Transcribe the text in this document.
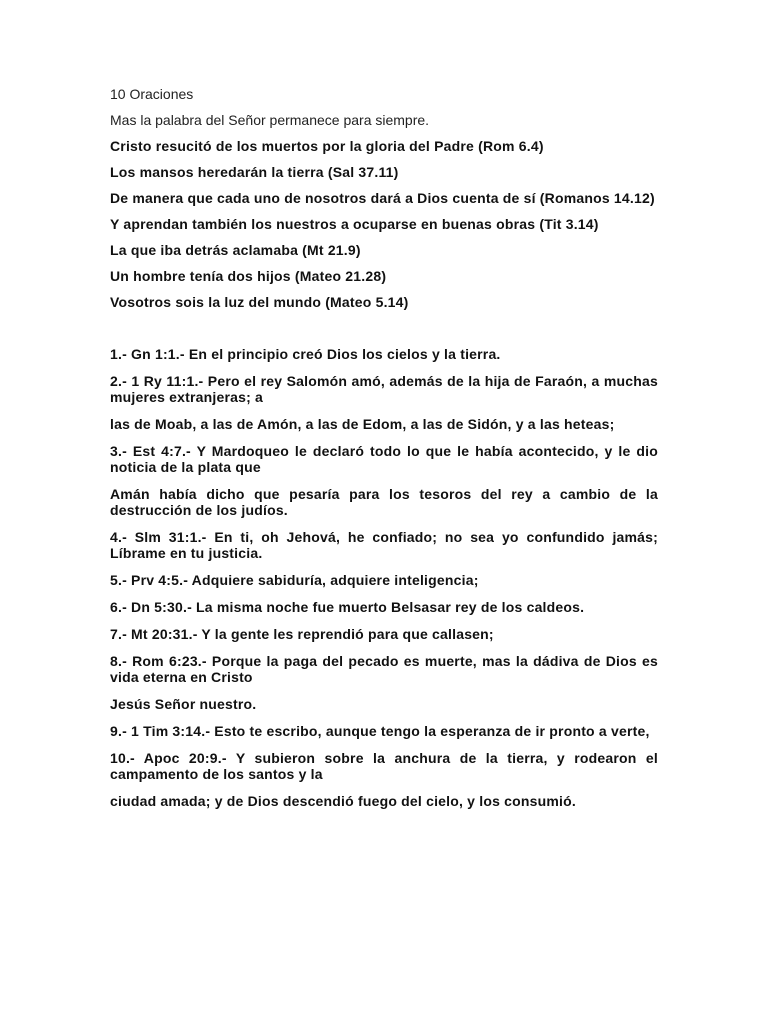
10 Oraciones

Mas la palabra del Señor permanece para siempre.

Cristo resucitó de los muertos por la gloria del Padre (Rom 6.4)

Los mansos heredarán la tierra (Sal 37.11)

De manera que cada uno de nosotros dará a Dios cuenta de sí (Romanos 14.12)

Y aprendan también los nuestros a ocuparse en buenas obras (Tit 3.14)

La que iba detrás aclamaba (Mt 21.9)

Un hombre tenía dos hijos (Mateo 21.28)

Vosotros sois la luz del mundo (Mateo 5.14)

1.- Gn 1:1.- En el principio creó Dios los cielos y la tierra.

2.- 1 Ry 11:1.- Pero el rey Salomón amó, además de la hija de Faraón, a muchas mujeres extranjeras; a

las de Moab, a las de Amón, a las de Edom, a las de Sidón, y a las heteas;

3.- Est 4:7.- Y Mardoqueo le declaró todo lo que le había acontecido, y le dio noticia de la plata que

Amán había dicho que pesaría para los tesoros del rey a cambio de la destrucción de los judíos.

4.- Slm 31:1.- En ti, oh Jehová, he confiado; no sea yo confundido jamás; Líbrame en tu justicia.

5.- Prv 4:5.- Adquiere sabiduría, adquiere inteligencia;

6.- Dn 5:30.- La misma noche fue muerto Belsasar rey de los caldeos.

7.- Mt 20:31.- Y la gente les reprendió para que callasen;

8.- Rom 6:23.- Porque la paga del pecado es muerte, mas la dádiva de Dios es vida eterna en Cristo

Jesús Señor nuestro.

9.- 1 Tim 3:14.- Esto te escribo, aunque tengo la esperanza de ir pronto a verte,

10.- Apoc 20:9.- Y subieron sobre la anchura de la tierra, y rodearon el campamento de los santos y la

ciudad amada; y de Dios descendió fuego del cielo, y los consumió.
